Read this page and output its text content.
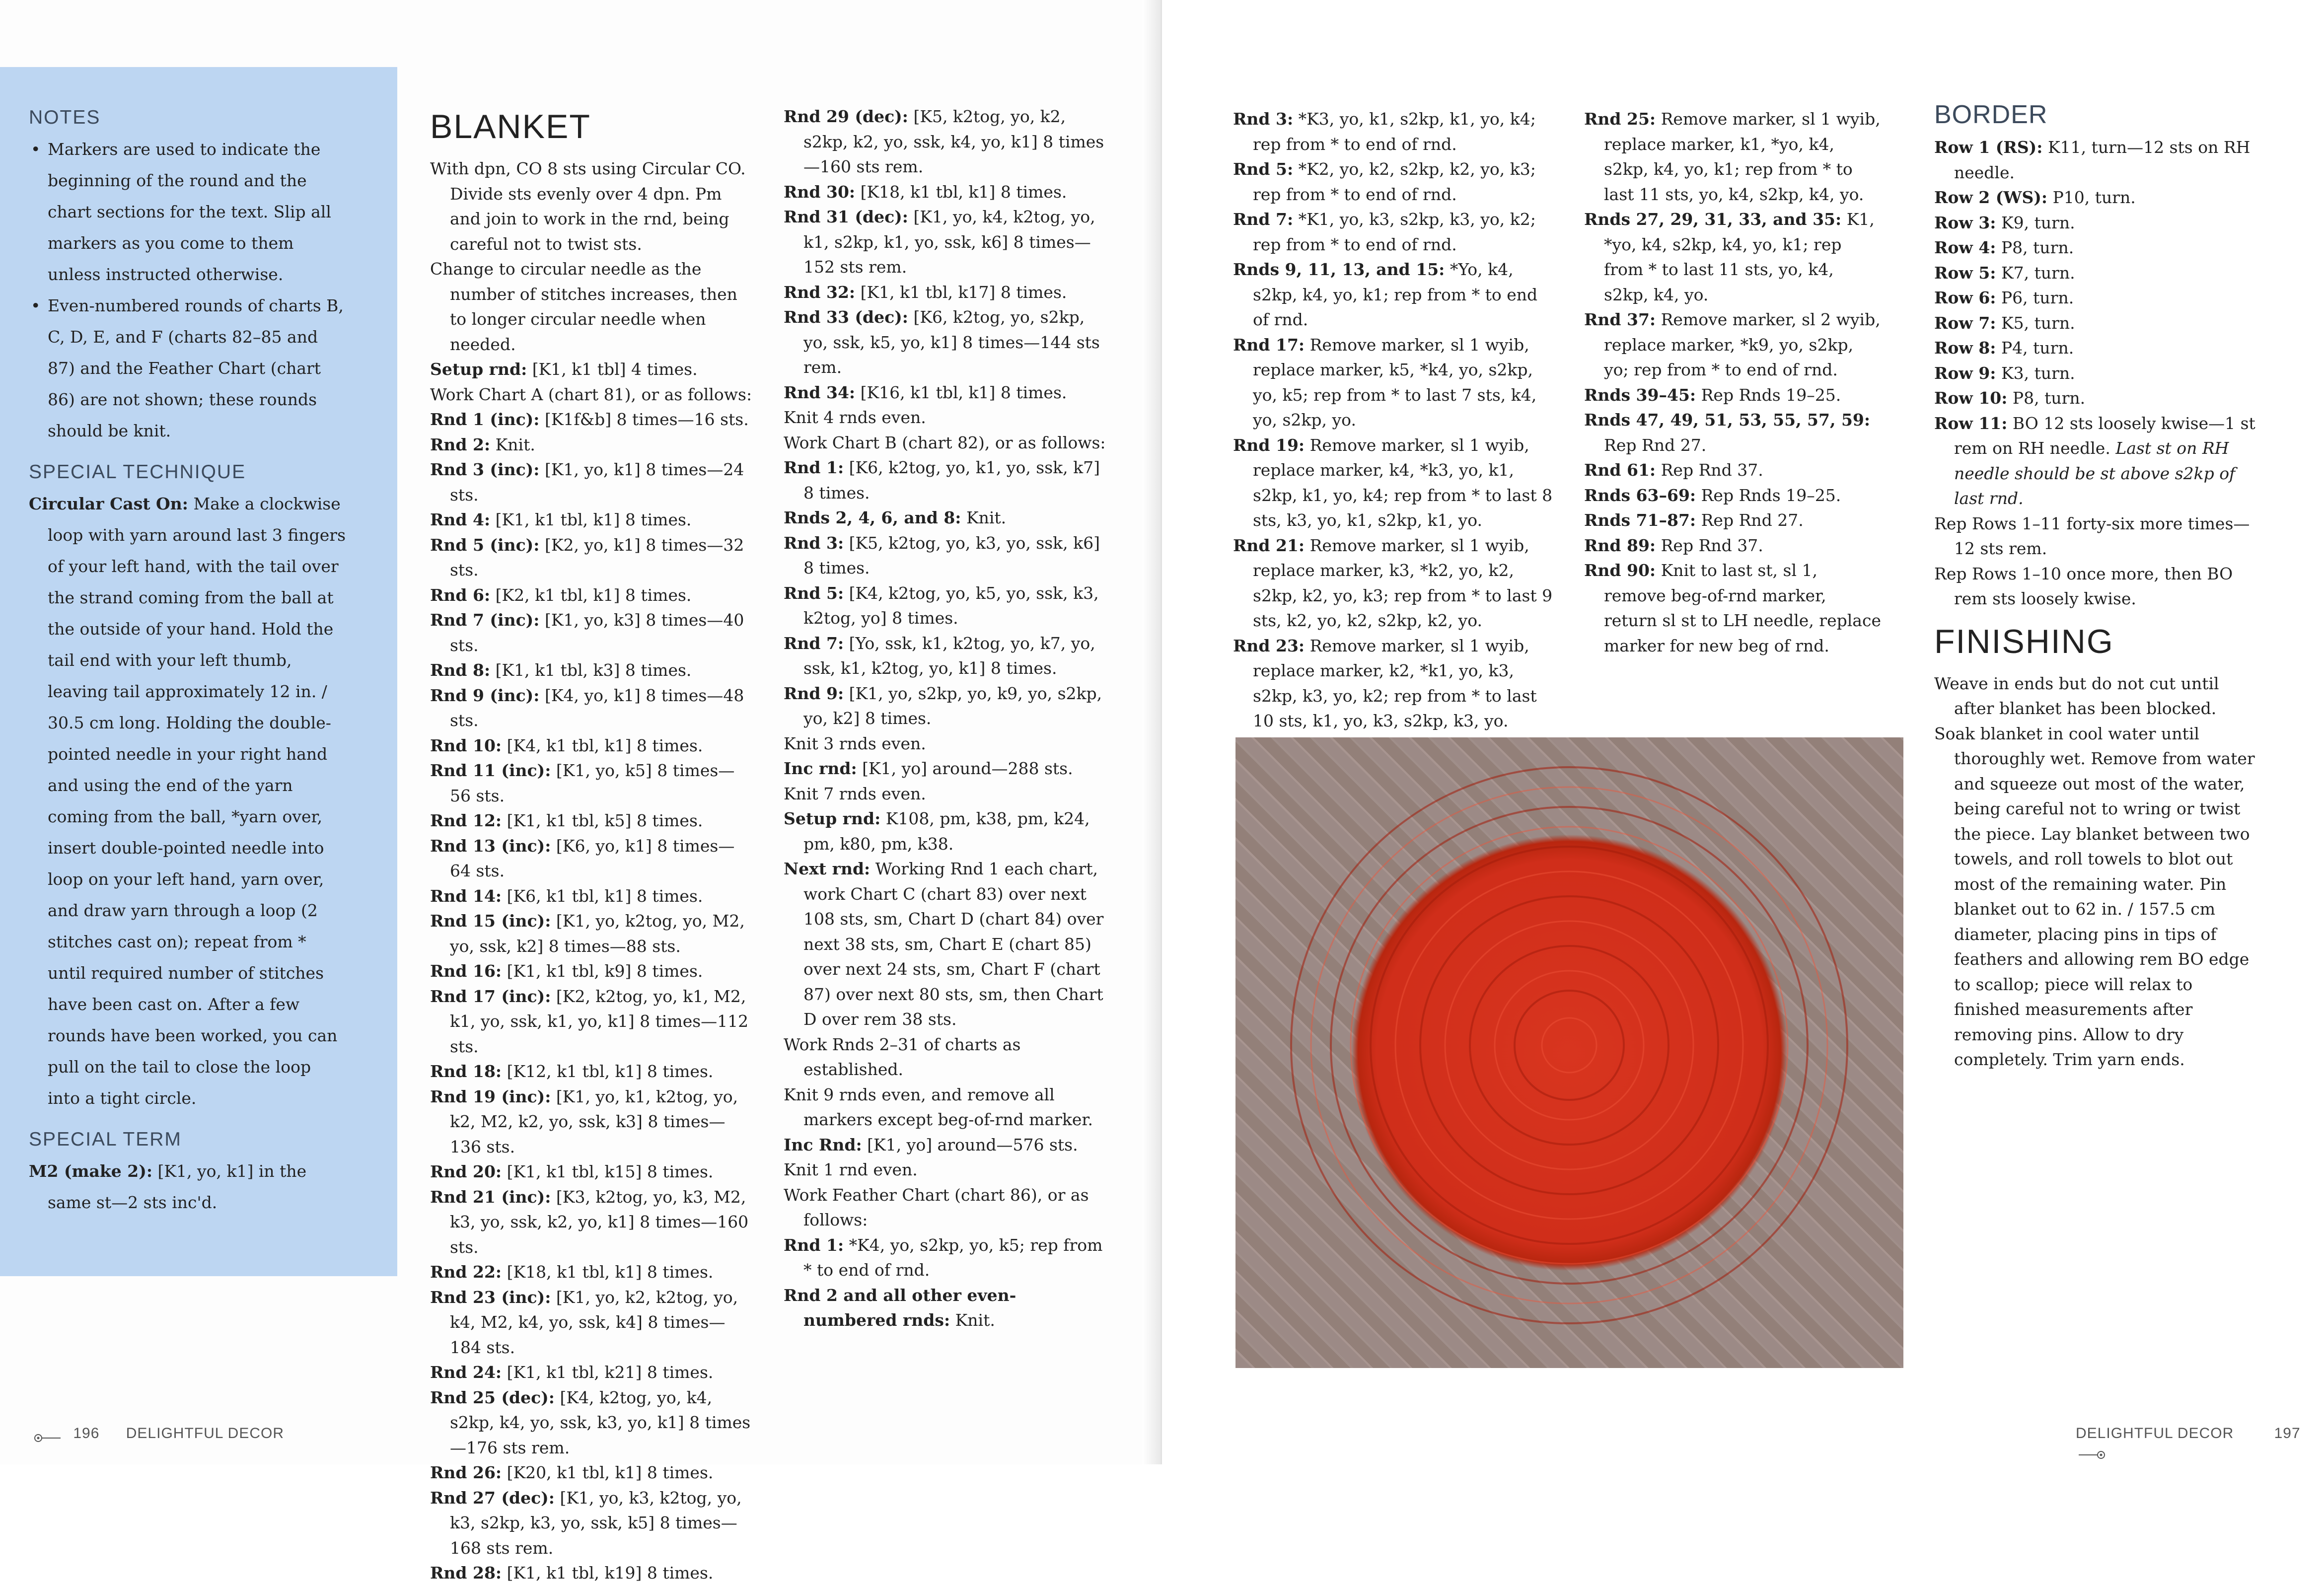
NOTES
• Markers are used to indicate the beginning of the round and the chart sections for the text. Slip all markers as you come to them unless instructed otherwise.
• Even-numbered rounds of charts B, C, D, E, and F (charts 82–85 and 87) and the Feather Chart (chart 86) are not shown; these rounds should be knit.
SPECIAL TECHNIQUE
Circular Cast On: Make a clockwise loop with yarn around last 3 fingers of your left hand, with the tail over the strand coming from the ball at the outside of your hand. Hold the tail end with your left thumb, leaving tail approximately 12 in. / 30.5 cm long. Holding the double-pointed needle in your right hand and using the end of the yarn coming from the ball, *yarn over, insert double-pointed needle into loop on your left hand, yarn over, and draw yarn through a loop (2 stitches cast on); repeat from * until required number of stitches have been cast on. After a few rounds have been worked, you can pull on the tail to close the loop into a tight circle.
SPECIAL TERM
M2 (make 2): [K1, yo, k1] in the same st—2 sts inc'd.
BLANKET

With dpn, CO 8 sts using Circular CO. Divide sts evenly over 4 dpn. Pm and join to work in the rnd, being careful not to twist sts.

Change to circular needle as the number of stitches increases, then to longer circular needle when needed.

Setup rnd: [K1, k1 tbl] 4 times.

Work Chart A (chart 81), or as follows:

Rnd 1 (inc): [K1f&b] 8 times—16 sts.

Rnd 2: Knit.

Rnd 3 (inc): [K1, yo, k1] 8 times—24 sts.

Rnd 4: [K1, k1 tbl, k1] 8 times.

Rnd 5 (inc): [K2, yo, k1] 8 times—32 sts.

Rnd 6: [K2, k1 tbl, k1] 8 times.

Rnd 7 (inc): [K1, yo, k3] 8 times—40 sts.

Rnd 8: [K1, k1 tbl, k3] 8 times.

Rnd 9 (inc): [K4, yo, k1] 8 times—48 sts.

Rnd 10: [K4, k1 tbl, k1] 8 times.

Rnd 11 (inc): [K1, yo, k5] 8 times—56 sts.

Rnd 12: [K1, k1 tbl, k5] 8 times.

Rnd 13 (inc): [K6, yo, k1] 8 times—64 sts.

Rnd 14: [K6, k1 tbl, k1] 8 times.

Rnd 15 (inc): [K1, yo, k2tog, yo, M2, yo, ssk, k2] 8 times—88 sts.

Rnd 16: [K1, k1 tbl, k9] 8 times.

Rnd 17 (inc): [K2, k2tog, yo, k1, M2, k1, yo, ssk, k1, yo, k1] 8 times—112 sts.

Rnd 18: [K12, k1 tbl, k1] 8 times.

Rnd 19 (inc): [K1, yo, k1, k2tog, yo, k2, M2, k2, yo, ssk, k3] 8 times—136 sts.

Rnd 20: [K1, k1 tbl, k15] 8 times.

Rnd 21 (inc): [K3, k2tog, yo, k3, M2, k3, yo, ssk, k2, yo, k1] 8 times—160 sts.

Rnd 22: [K18, k1 tbl, k1] 8 times.

Rnd 23 (inc): [K1, yo, k2, k2tog, yo, k4, M2, k4, yo, ssk, k4] 8 times—184 sts.

Rnd 24: [K1, k1 tbl, k21] 8 times.

Rnd 25 (dec): [K4, k2tog, yo, k4, s2kp, k4, yo, ssk, k3, yo, k1] 8 times—176 sts rem.

Rnd 26: [K20, k1 tbl, k1] 8 times.

Rnd 27 (dec): [K1, yo, k3, k2tog, yo, k3, s2kp, k3, yo, ssk, k5] 8 times—168 sts rem.

Rnd 28: [K1, k1 tbl, k19] 8 times.

Rnd 29 (dec): [K5, k2tog, yo, k2, s2kp, k2, yo, ssk, k4, yo, k1] 8 times—160 sts rem.

Rnd 30: [K18, k1 tbl, k1] 8 times.

Rnd 31 (dec): [K1, yo, k4, k2tog, yo, k1, s2kp, k1, yo, ssk, k6] 8 times—152 sts rem.

Rnd 32: [K1, k1 tbl, k17] 8 times.

Rnd 33 (dec): [K6, k2tog, yo, s2kp, yo, ssk, k5, yo, k1] 8 times—144 sts rem.

Rnd 34: [K16, k1 tbl, k1] 8 times.

Knit 4 rnds even.

Work Chart B (chart 82), or as follows:

Rnd 1: [K6, k2tog, yo, k1, yo, ssk, k7] 8 times.

Rnds 2, 4, 6, and 8: Knit.

Rnd 3: [K5, k2tog, yo, k3, yo, ssk, k6] 8 times.

Rnd 5: [K4, k2tog, yo, k5, yo, ssk, k3, k2tog, yo] 8 times.

Rnd 7: [Yo, ssk, k1, k2tog, yo, k7, yo, ssk, k1, k2tog, yo, k1] 8 times.

Rnd 9: [K1, yo, s2kp, yo, k9, yo, s2kp, yo, k2] 8 times.

Knit 3 rnds even.

Inc rnd: [K1, yo] around—288 sts.

Knit 7 rnds even.

Setup rnd: K108, pm, k38, pm, k24, pm, k80, pm, k38.

Next rnd: Working Rnd 1 each chart, work Chart C (chart 83) over next 108 sts, sm, Chart D (chart 84) over next 38 sts, sm, Chart E (chart 85) over next 24 sts, sm, Chart F (chart 87) over next 80 sts, sm, then Chart D over rem 38 sts.

Work Rnds 2–31 of charts as established.

Knit 9 rnds even, and remove all markers except beg-of-rnd marker.

Inc Rnd: [K1, yo] around—576 sts.

Knit 1 rnd even.

Work Feather Chart (chart 86), or as follows:

Rnd 1: *K4, yo, s2kp, yo, k5; rep from * to end of rnd.

Rnd 2 and all other even-numbered rnds: Knit.

196 DELIGHTFUL DECOR

Rnd 3: *K3, yo, k1, s2kp, k1, yo, k4; rep from * to end of rnd.

Rnd 5: *K2, yo, k2, s2kp, k2, yo, k3; rep from * to end of rnd.

Rnd 7: *K1, yo, k3, s2kp, k3, yo, k2; rep from * to end of rnd.

Rnds 9, 11, 13, and 15: *Yo, k4, s2kp, k4, yo, k1; rep from * to end of rnd.

Rnd 17: Remove marker, sl 1 wyib, replace marker, k5, *k4, yo, s2kp, yo, k5; rep from * to last 7 sts, k4, yo, s2kp, yo.

Rnd 19: Remove marker, sl 1 wyib, replace marker, k4, *k3, yo, k1, s2kp, k1, yo, k4; rep from * to last 8 sts, k3, yo, k1, s2kp, k1, yo.

Rnd 21: Remove marker, sl 1 wyib, replace marker, k3, *k2, yo, k2, s2kp, k2, yo, k3; rep from * to last 9 sts, k2, yo, k2, s2kp, k2, yo.

Rnd 23: Remove marker, sl 1 wyib, replace marker, k2, *k1, yo, k3, s2kp, k3, yo, k2; rep from * to last 10 sts, k1, yo, k3, s2kp, k3, yo.

Rnd 25: Remove marker, sl 1 wyib, replace marker, k1, *yo, k4, s2kp, k4, yo, k1; rep from * to last 11 sts, yo, k4, s2kp, k4, yo.

Rnds 27, 29, 31, 33, and 35: K1, *yo, k4, s2kp, k4, yo, k1; rep from * to last 11 sts, yo, k4, s2kp, k4, yo.

Rnd 37: Remove marker, sl 2 wyib, replace marker, *k9, yo, s2kp, yo; rep from * to end of rnd.

Rnds 39–45: Rep Rnds 19–25.

Rnds 47, 49, 51, 53, 55, 57, 59: Rep Rnd 27.

Rnd 61: Rep Rnd 37.

Rnds 63–69: Rep Rnds 19–25.

Rnds 71–87: Rep Rnd 27.

Rnd 89: Rep Rnd 37.

Rnd 90: Knit to last st, sl 1, remove beg-of-rnd marker, return sl st to LH needle, replace marker for new beg of rnd.

BORDER

Row 1 (RS): K11, turn—12 sts on RH needle.

Row 2 (WS): P10, turn.

Row 3: K9, turn.

Row 4: P8, turn.

Row 5: K7, turn.

Row 6: P6, turn.

Row 7: K5, turn.

Row 8: P4, turn.

Row 9: K3, turn.

Row 10: P8, turn.

Row 11: BO 12 sts loosely kwise—1 st rem on RH needle. Last st on RH needle should be st above s2kp of last rnd.

Rep Rows 1–11 forty-six more times—12 sts rem.

Rep Rows 1–10 once more, then BO rem sts loosely kwise.

FINISHING

Weave in ends but do not cut until after blanket has been blocked.

Soak blanket in cool water until thoroughly wet. Remove from water and squeeze out most of the water, being careful not to wring or twist the piece. Lay blanket between two towels, and roll towels to blot out most of the remaining water. Pin blanket out to 62 in. / 157.5 cm diameter, placing pins in tips of feathers and allowing rem BO edge to scallop; piece will relax to finished measurements after removing pins. Allow to dry completely. Trim yarn ends.

DELIGHTFUL DECOR	197
